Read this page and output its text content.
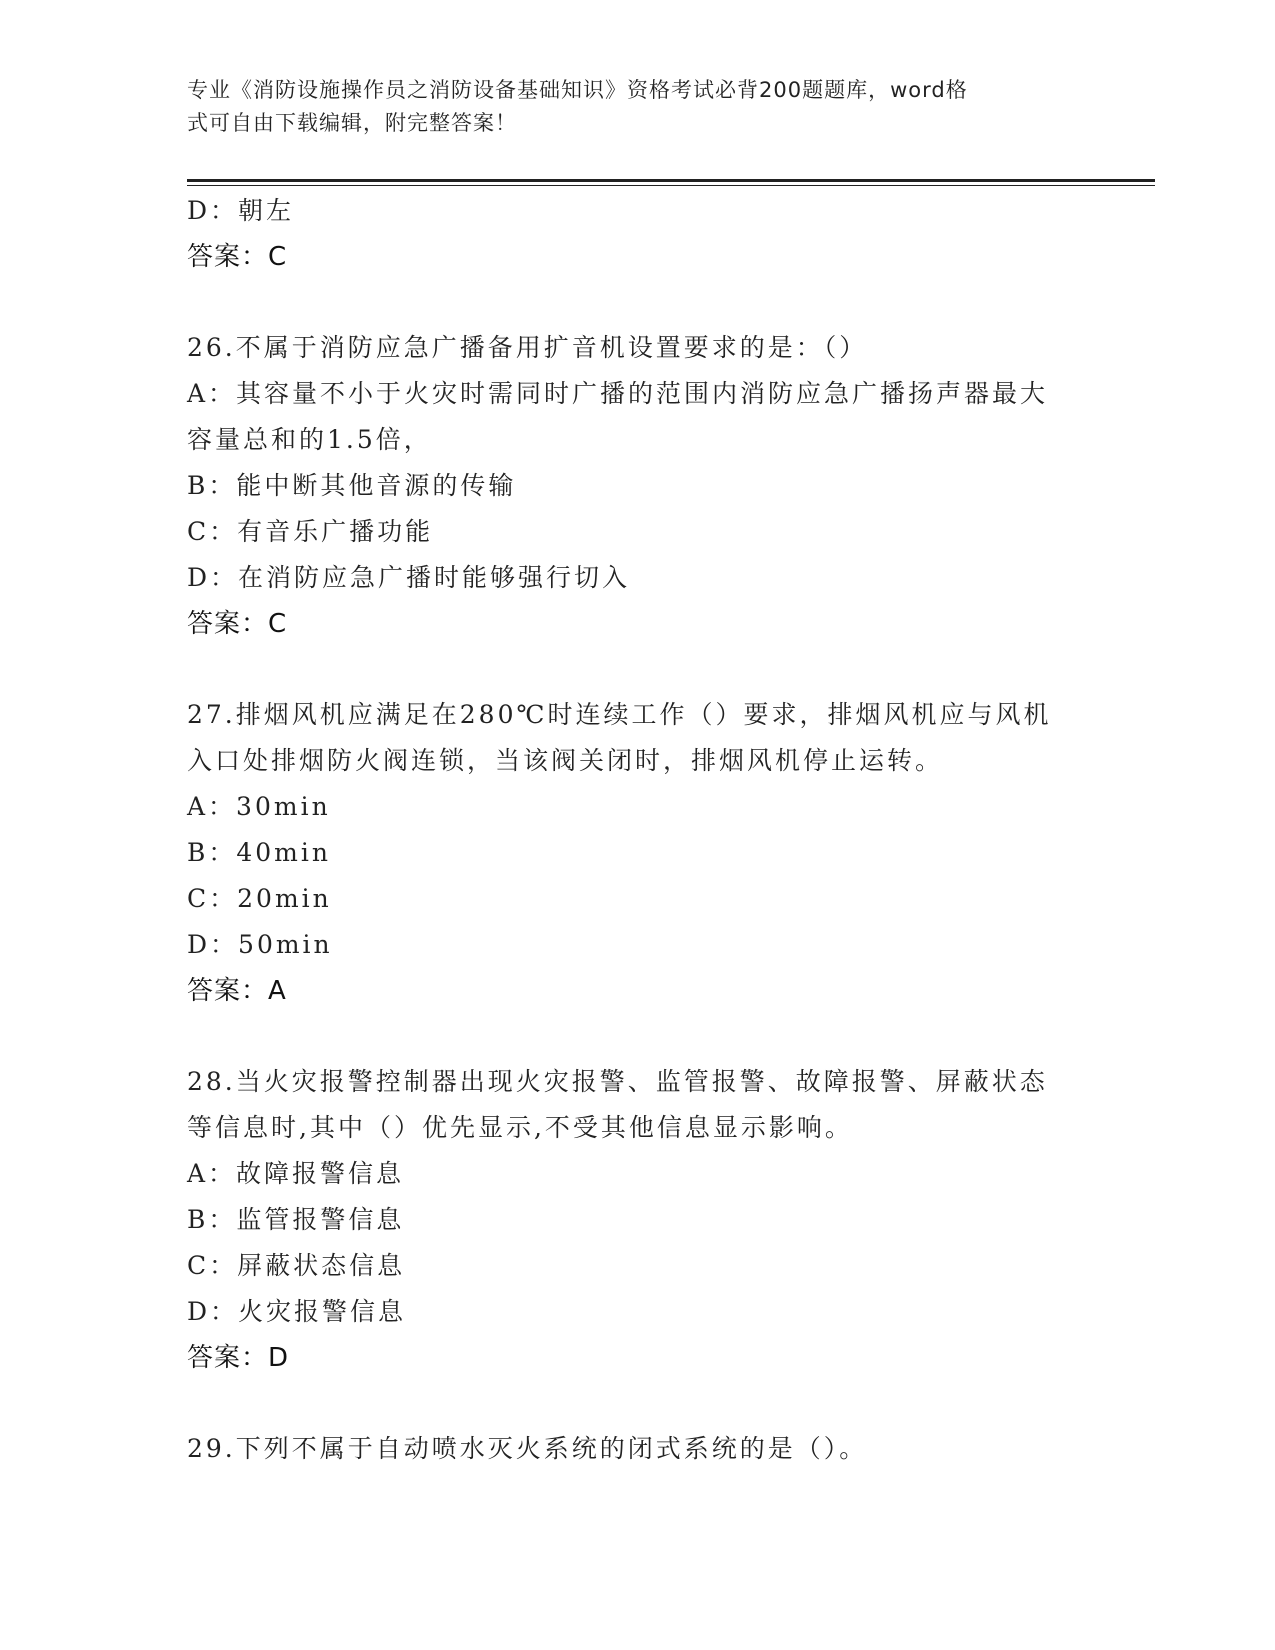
专业《消防设施操作员之消防设备基础知识》资格考试必背200题题库，word格
式可自由下载编辑，附完整答案！
D：朝左
答案：C
26.不属于消防应急广播备用扩音机设置要求的是：（）
A：其容量不小于火灾时需同时广播的范围内消防应急广播扬声器最大
容量总和的1.5倍，
B：能中断其他音源的传输
C：有音乐广播功能
D：在消防应急广播时能够强行切入
答案：C
27.排烟风机应满足在280℃时连续工作（）要求，排烟风机应与风机
入口处排烟防火阀连锁，当该阀关闭时，排烟风机停止运转。
A：30min
B：40min
C：20min
D：50min
答案：A
28.当火灾报警控制器出现火灾报警、监管报警、故障报警、屏蔽状态
等信息时,其中（）优先显示,不受其他信息显示影响。
A：故障报警信息
B：监管报警信息
C：屏蔽状态信息
D：火灾报警信息
答案：D
29.下列不属于自动喷水灭火系统的闭式系统的是（）。
